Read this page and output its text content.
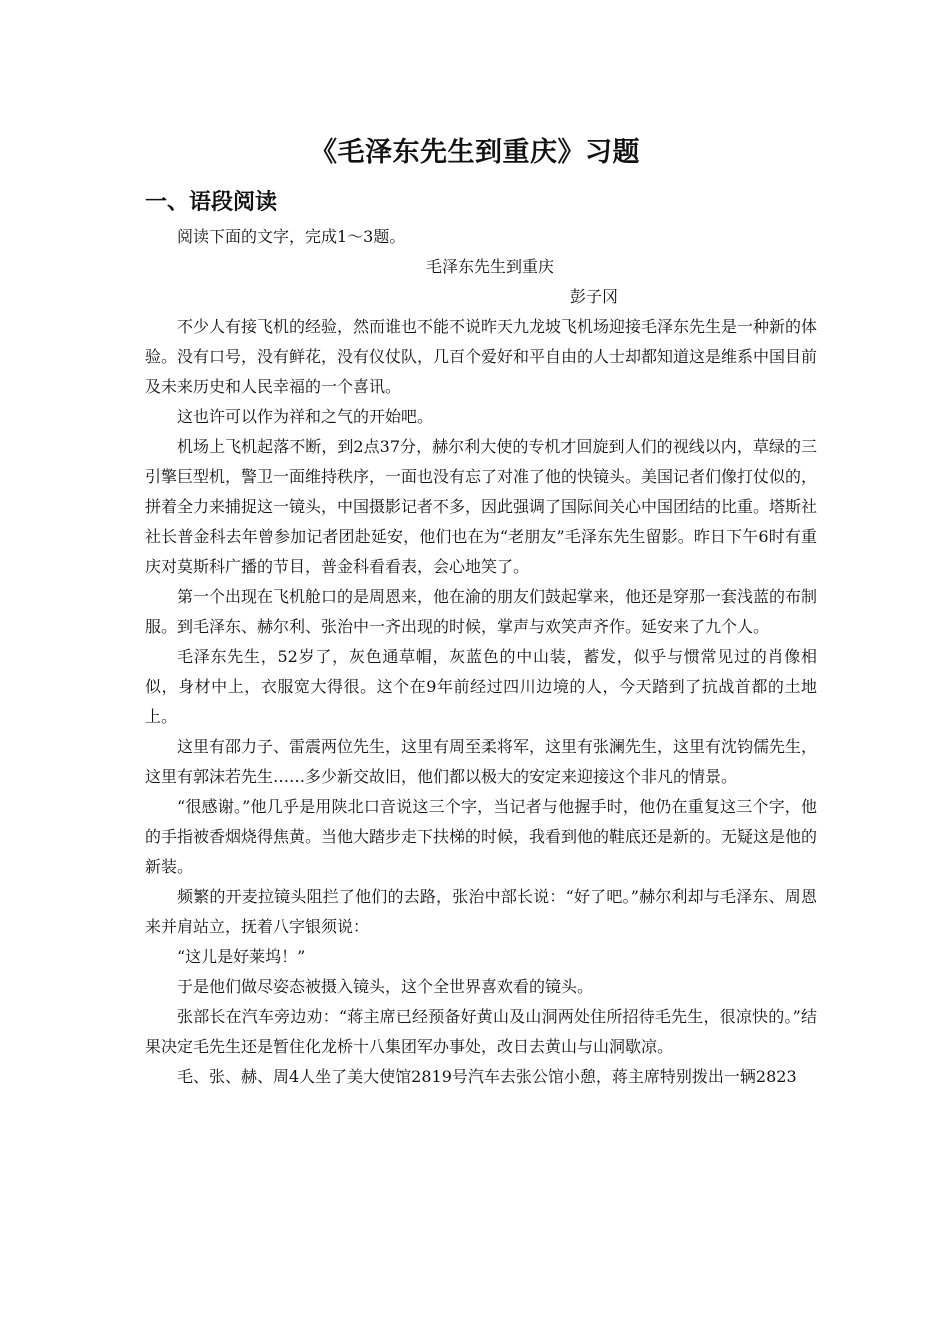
《毛泽东先生到重庆》习题
一、语段阅读

阅读下面的文字，完成1～3题。

毛泽东先生到重庆

彭子冈

不少人有接飞机的经验，然而谁也不能不说昨天九龙坡飞机场迎接毛泽东先生是一种新的体验。没有口号，没有鲜花，没有仪仗队，几百个爱好和平自由的人士却都知道这是维系中国目前及未来历史和人民幸福的一个喜讯。

这也许可以作为祥和之气的开始吧。

机场上飞机起落不断，到2点37分，赫尔利大使的专机才回旋到人们的视线以内，草绿的三引擎巨型机，警卫一面维持秩序，一面也没有忘了对准了他的快镜头。美国记者们像打仗似的，拼着全力来捕捉这一镜头，中国摄影记者不多，因此强调了国际间关心中国团结的比重。塔斯社社长普金科去年曾参加记者团赴延安，他们也在为“老朋友”毛泽东先生留影。昨日下午6时有重庆对莫斯科广播的节目，普金科看看表，会心地笑了。

第一个出现在飞机舱口的是周恩来，他在渝的朋友们鼓起掌来，他还是穿那一套浅蓝的布制服。到毛泽东、赫尔利、张治中一齐出现的时候，掌声与欢笑声齐作。延安来了九个人。

毛泽东先生，52岁了，灰色通草帽，灰蓝色的中山装，蓄发，似乎与惯常见过的肖像相似，身材中上，衣服宽大得很。这个在9年前经过四川边境的人，今天踏到了抗战首都的土地上。

这里有邵力子、雷震两位先生，这里有周至柔将军，这里有张澜先生，这里有沈钧儒先生，这里有郭沫若先生……多少新交故旧，他们都以极大的安定来迎接这个非凡的情景。

“很感谢。”他几乎是用陕北口音说这三个字，当记者与他握手时，他仍在重复这三个字，他的手指被香烟烧得焦黄。当他大踏步走下扶梯的时候，我看到他的鞋底还是新的。无疑这是他的新装。

频繁的开麦拉镜头阻拦了他们的去路，张治中部长说：“好了吧。”赫尔利却与毛泽东、周恩来并肩站立，抚着八字银须说：

“这儿是好莱坞！”

于是他们做尽姿态被摄入镜头，这个全世界喜欢看的镜头。

张部长在汽车旁边劝：“蒋主席已经预备好黄山及山洞两处住所招待毛先生，很凉快的。”结果决定毛先生还是暂住化龙桥十八集团军办事处，改日去黄山与山洞歇凉。

毛、张、赫、周4人坐了美大使馆2819号汽车去张公馆小憩，蒋主席特别拨出一辆2823
